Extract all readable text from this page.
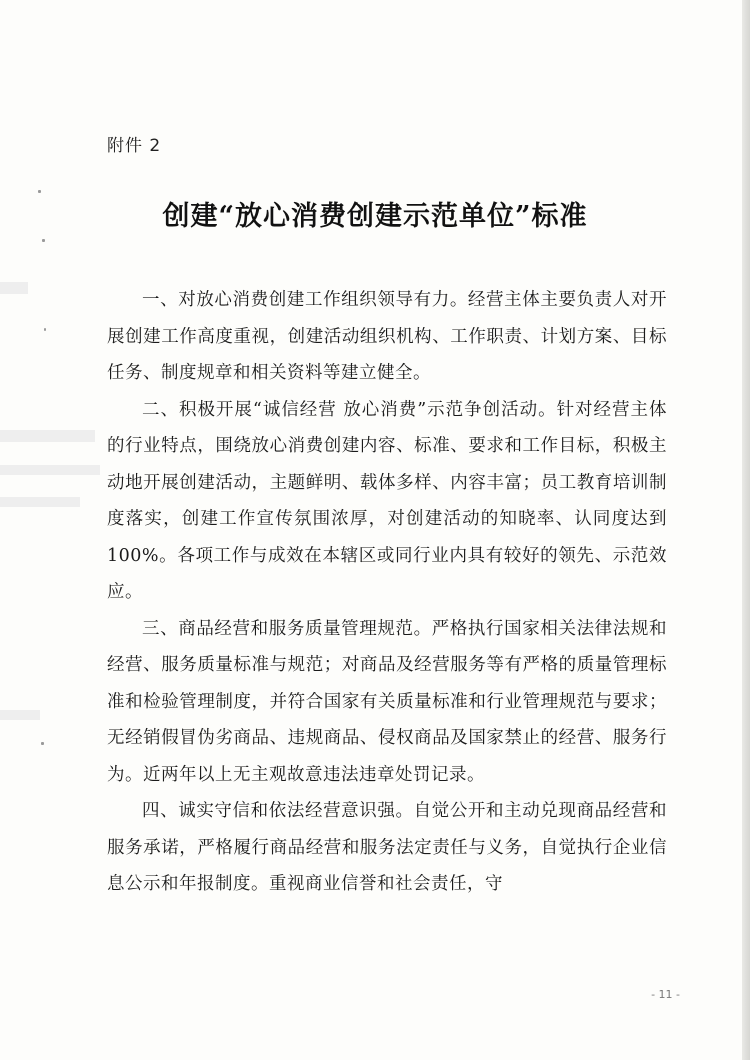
附件 2
创建“放心消费创建示范单位”标准

一、对放心消费创建工作组织领导有力。经营主体主要负责人对开展创建工作高度重视，创建活动组织机构、工作职责、计划方案、目标任务、制度规章和相关资料等建立健全。

二、积极开展“诚信经营 放心消费”示范争创活动。针对经营主体的行业特点，围绕放心消费创建内容、标准、要求和工作目标，积极主动地开展创建活动，主题鲜明、载体多样、内容丰富；员工教育培训制度落实，创建工作宣传氛围浓厚，对创建活动的知晓率、认同度达到 100%。各项工作与成效在本辖区或同行业内具有较好的领先、示范效应。

三、商品经营和服务质量管理规范。严格执行国家相关法律法规和经营、服务质量标准与规范；对商品及经营服务等有严格的质量管理标准和检验管理制度，并符合国家有关质量标准和行业管理规范与要求；无经销假冒伪劣商品、违规商品、侵权商品及国家禁止的经营、服务行为。近两年以上无主观故意违法违章处罚记录。

四、诚实守信和依法经营意识强。自觉公开和主动兑现商品经营和服务承诺，严格履行商品经营和服务法定责任与义务，自觉执行企业信息公示和年报制度。重视商业信誉和社会责任，守

- 11 -
